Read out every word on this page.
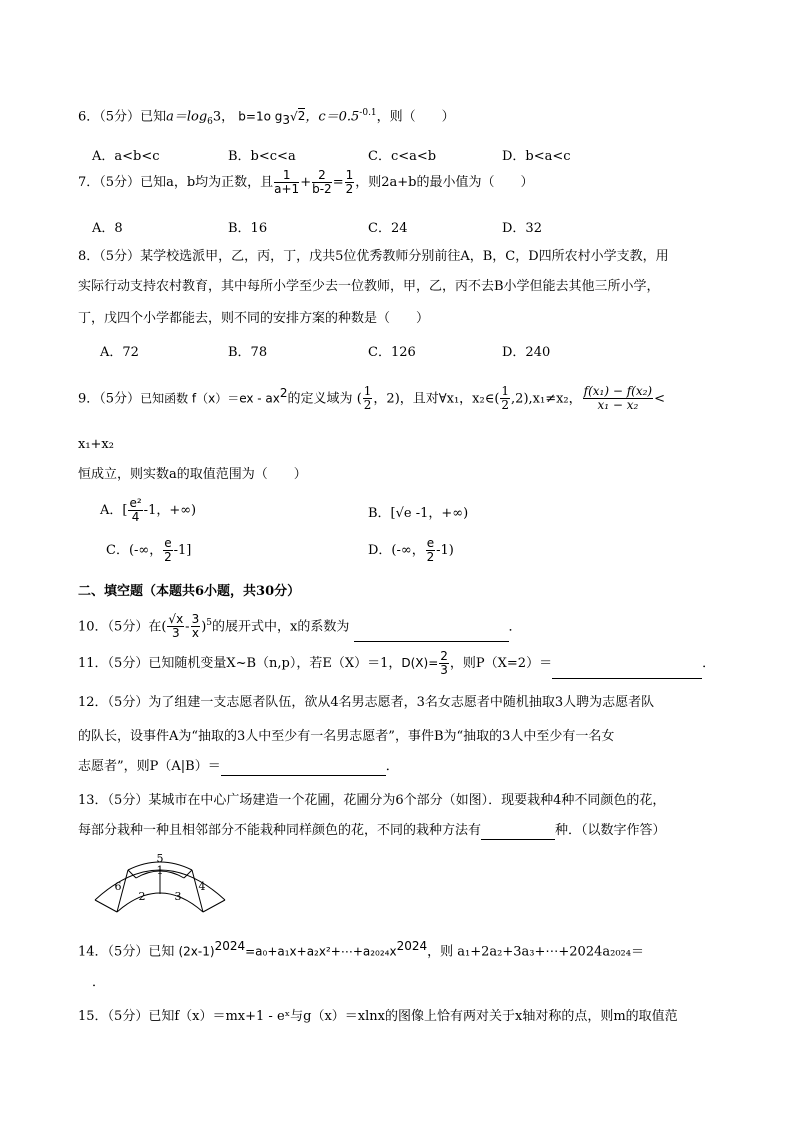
6．（5分）已知$a=\log_63$， b=1o $g_3√2$，$c=0.5^{-0.1}$，则（　　）
A．a<b<c	B．b<c<a	C．c<a<b	D．b<a<c
7．（5分）已知a，b均为正数，且 $\frac{1}{a+1} + \frac{2}{b-2} = \frac{1}{2}$ ，则2a+b的最小值为（　　）
A．8	B．16	C．24	D．32
8．（5分）某学校选派甲，乙，丙，丁，戊共5位优秀教师分别前往A，B，C，D四所农村小学支教，用
实际行动支持农村教育，其中每所小学至少去一位教师，甲，乙，丙不去B小学但能去其他三所小学，
丁，戊四个小学都能去，则不同的安排方案的种数是（　　）
A．72	B．78	C．126	D．240
9．（5分）已知函数 $f(x)=ex - ax^2$的定义域为 ( $\frac{1}{2}$ ，2)，且对∀x₁，x₂∈( $\frac{1}{2} ,2),x_1\ne x_2$， $\frac{\text{f(x₁) − f(x₂)}}{\text{x₁ − x₂}}$ <
x₁+x₂
恒成立，则实数a的取值范围为（　　）
A．[ $\frac{\text{e²}}{4} -1$，+∞)	B．[√e -1，+∞)
C．(-∞， $\frac{e}{2} -1$]	D．(-∞， $\frac{e}{2} -1$)
二、填空题（本题共6小题，共30分）
10．（5分）在( $\frac{√x}{3} - \frac{3}{x} )^5$的展开式中，x的系数为	．
11．（5分）已知随机变量X~B（n,p），若E（X）＝1，$D(X)= \frac{2}{3}$ ，则P（X=2）＝	．
12．（5分）为了组建一支志愿者队伍，欲从4名男志愿者，3名女志愿者中随机抽取3人聘为志愿者队
的队长，设事件A为“抽取的3人中至少有一名男志愿者”，事件B为“抽取的3人中至少有一名女
志愿者”，则P（A|B）＝	．
13．（5分）某城市在中心广场建造一个花圃，花圃分为6个部分（如图）．现要栽种4种不同颜色的花，
每部分栽种一种且相邻部分不能栽种同样颜色的花，不同的栽种方法有	种．（以数字作答）
5
1
6
2	3
4
14．（5分）已知 $(2x-1)^{2024}=a_0+a_1x+a_2x^2+\cdots+a_{2024}x^{2024}$，则 a₁+2a₂+3a₃+⋯+2024a₂₀₂₄＝
．
15．（5分）已知f（x）＝mx+1 - eˣ与g（x）＝xlnx的图像上恰有两对关于x轴对称的点，则m的取值范
